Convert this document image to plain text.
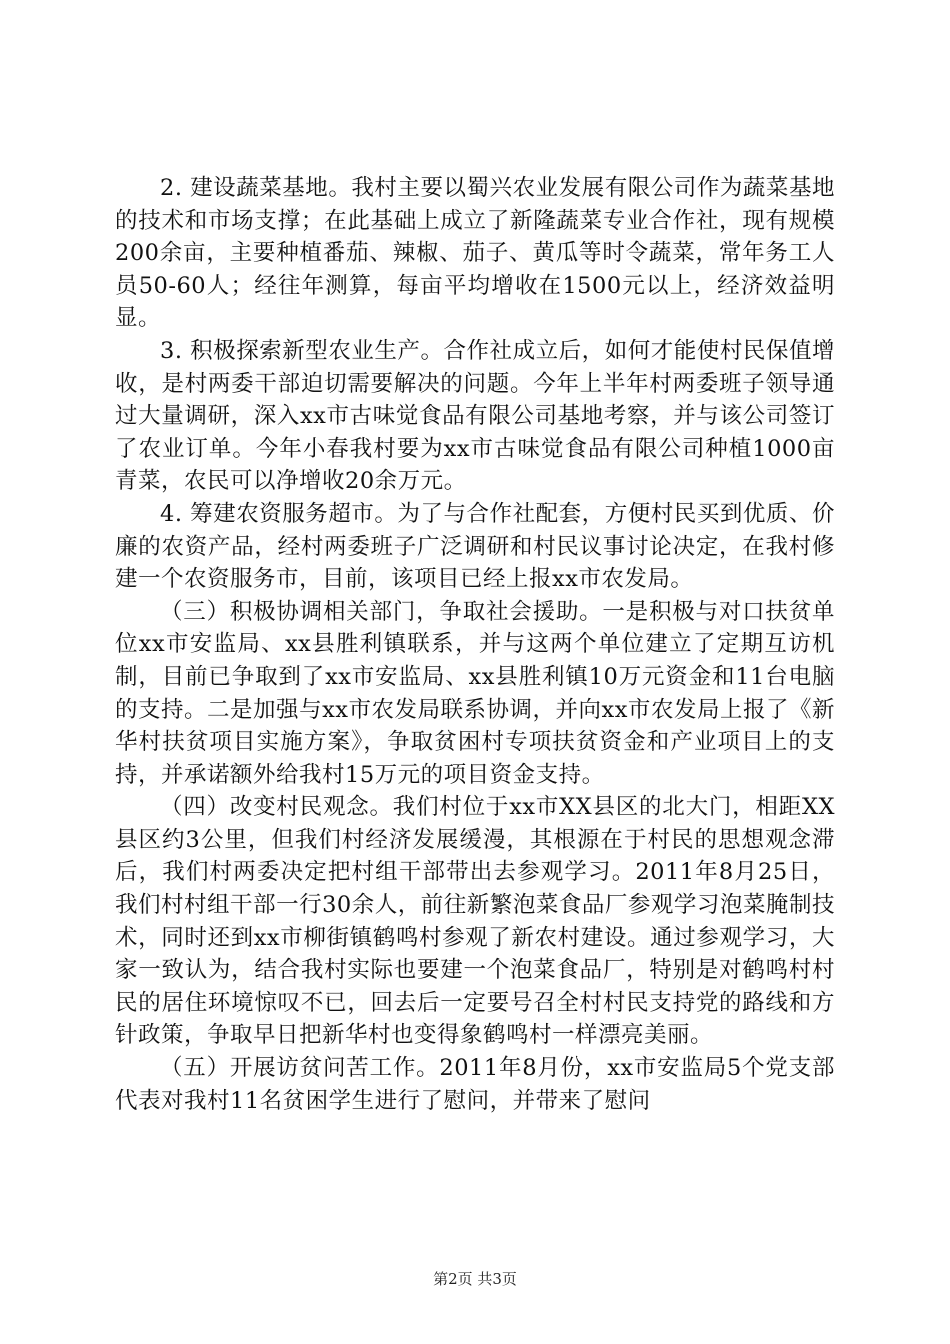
2. 建设蔬菜基地。我村主要以蜀兴农业发展有限公司作为蔬菜基地的技术和市场支撑；在此基础上成立了新隆蔬菜专业合作社，现有规模200余亩，主要种植番茄、辣椒、茄子、黄瓜等时令蔬菜，常年务工人员50-60人；经往年测算，每亩平均增收在1500元以上，经济效益明显。

3. 积极探索新型农业生产。合作社成立后，如何才能使村民保值增收，是村两委干部迫切需要解决的问题。今年上半年村两委班子领导通过大量调研，深入xx市古味觉食品有限公司基地考察，并与该公司签订了农业订单。今年小春我村要为xx市古味觉食品有限公司种植1000亩青菜，农民可以净增收20余万元。

4. 筹建农资服务超市。为了与合作社配套，方便村民买到优质、价廉的农资产品，经村两委班子广泛调研和村民议事讨论决定，在我村修建一个农资服务市，目前，该项目已经上报xx市农发局。

（三）积极协调相关部门，争取社会援助。一是积极与对口扶贫单位xx市安监局、xx县胜利镇联系，并与这两个单位建立了定期互访机制，目前已争取到了xx市安监局、xx县胜利镇10万元资金和11台电脑的支持。二是加强与xx市农发局联系协调，并向xx市农发局上报了《新华村扶贫项目实施方案》，争取贫困村专项扶贫资金和产业项目上的支持，并承诺额外给我村15万元的项目资金支持。

（四）改变村民观念。我们村位于xx市XX县区的北大门，相距XX县区约3公里，但我们村经济发展缓漫，其根源在于村民的思想观念滞后，我们村两委决定把村组干部带出去参观学习。2011年8月25日，我们村村组干部一行30余人，前往新繁泡菜食品厂参观学习泡菜腌制技术，同时还到xx市柳街镇鹤鸣村参观了新农村建设。通过参观学习，大家一致认为，结合我村实际也要建一个泡菜食品厂，特别是对鹤鸣村村民的居住环境惊叹不已，回去后一定要号召全村村民支持党的路线和方针政策，争取早日把新华村也变得象鹤鸣村一样漂亮美丽。

（五）开展访贫问苦工作。2011年8月份，xx市安监局5个党支部代表对我村11名贫困学生进行了慰问，并带来了慰问

第2页 共3页
